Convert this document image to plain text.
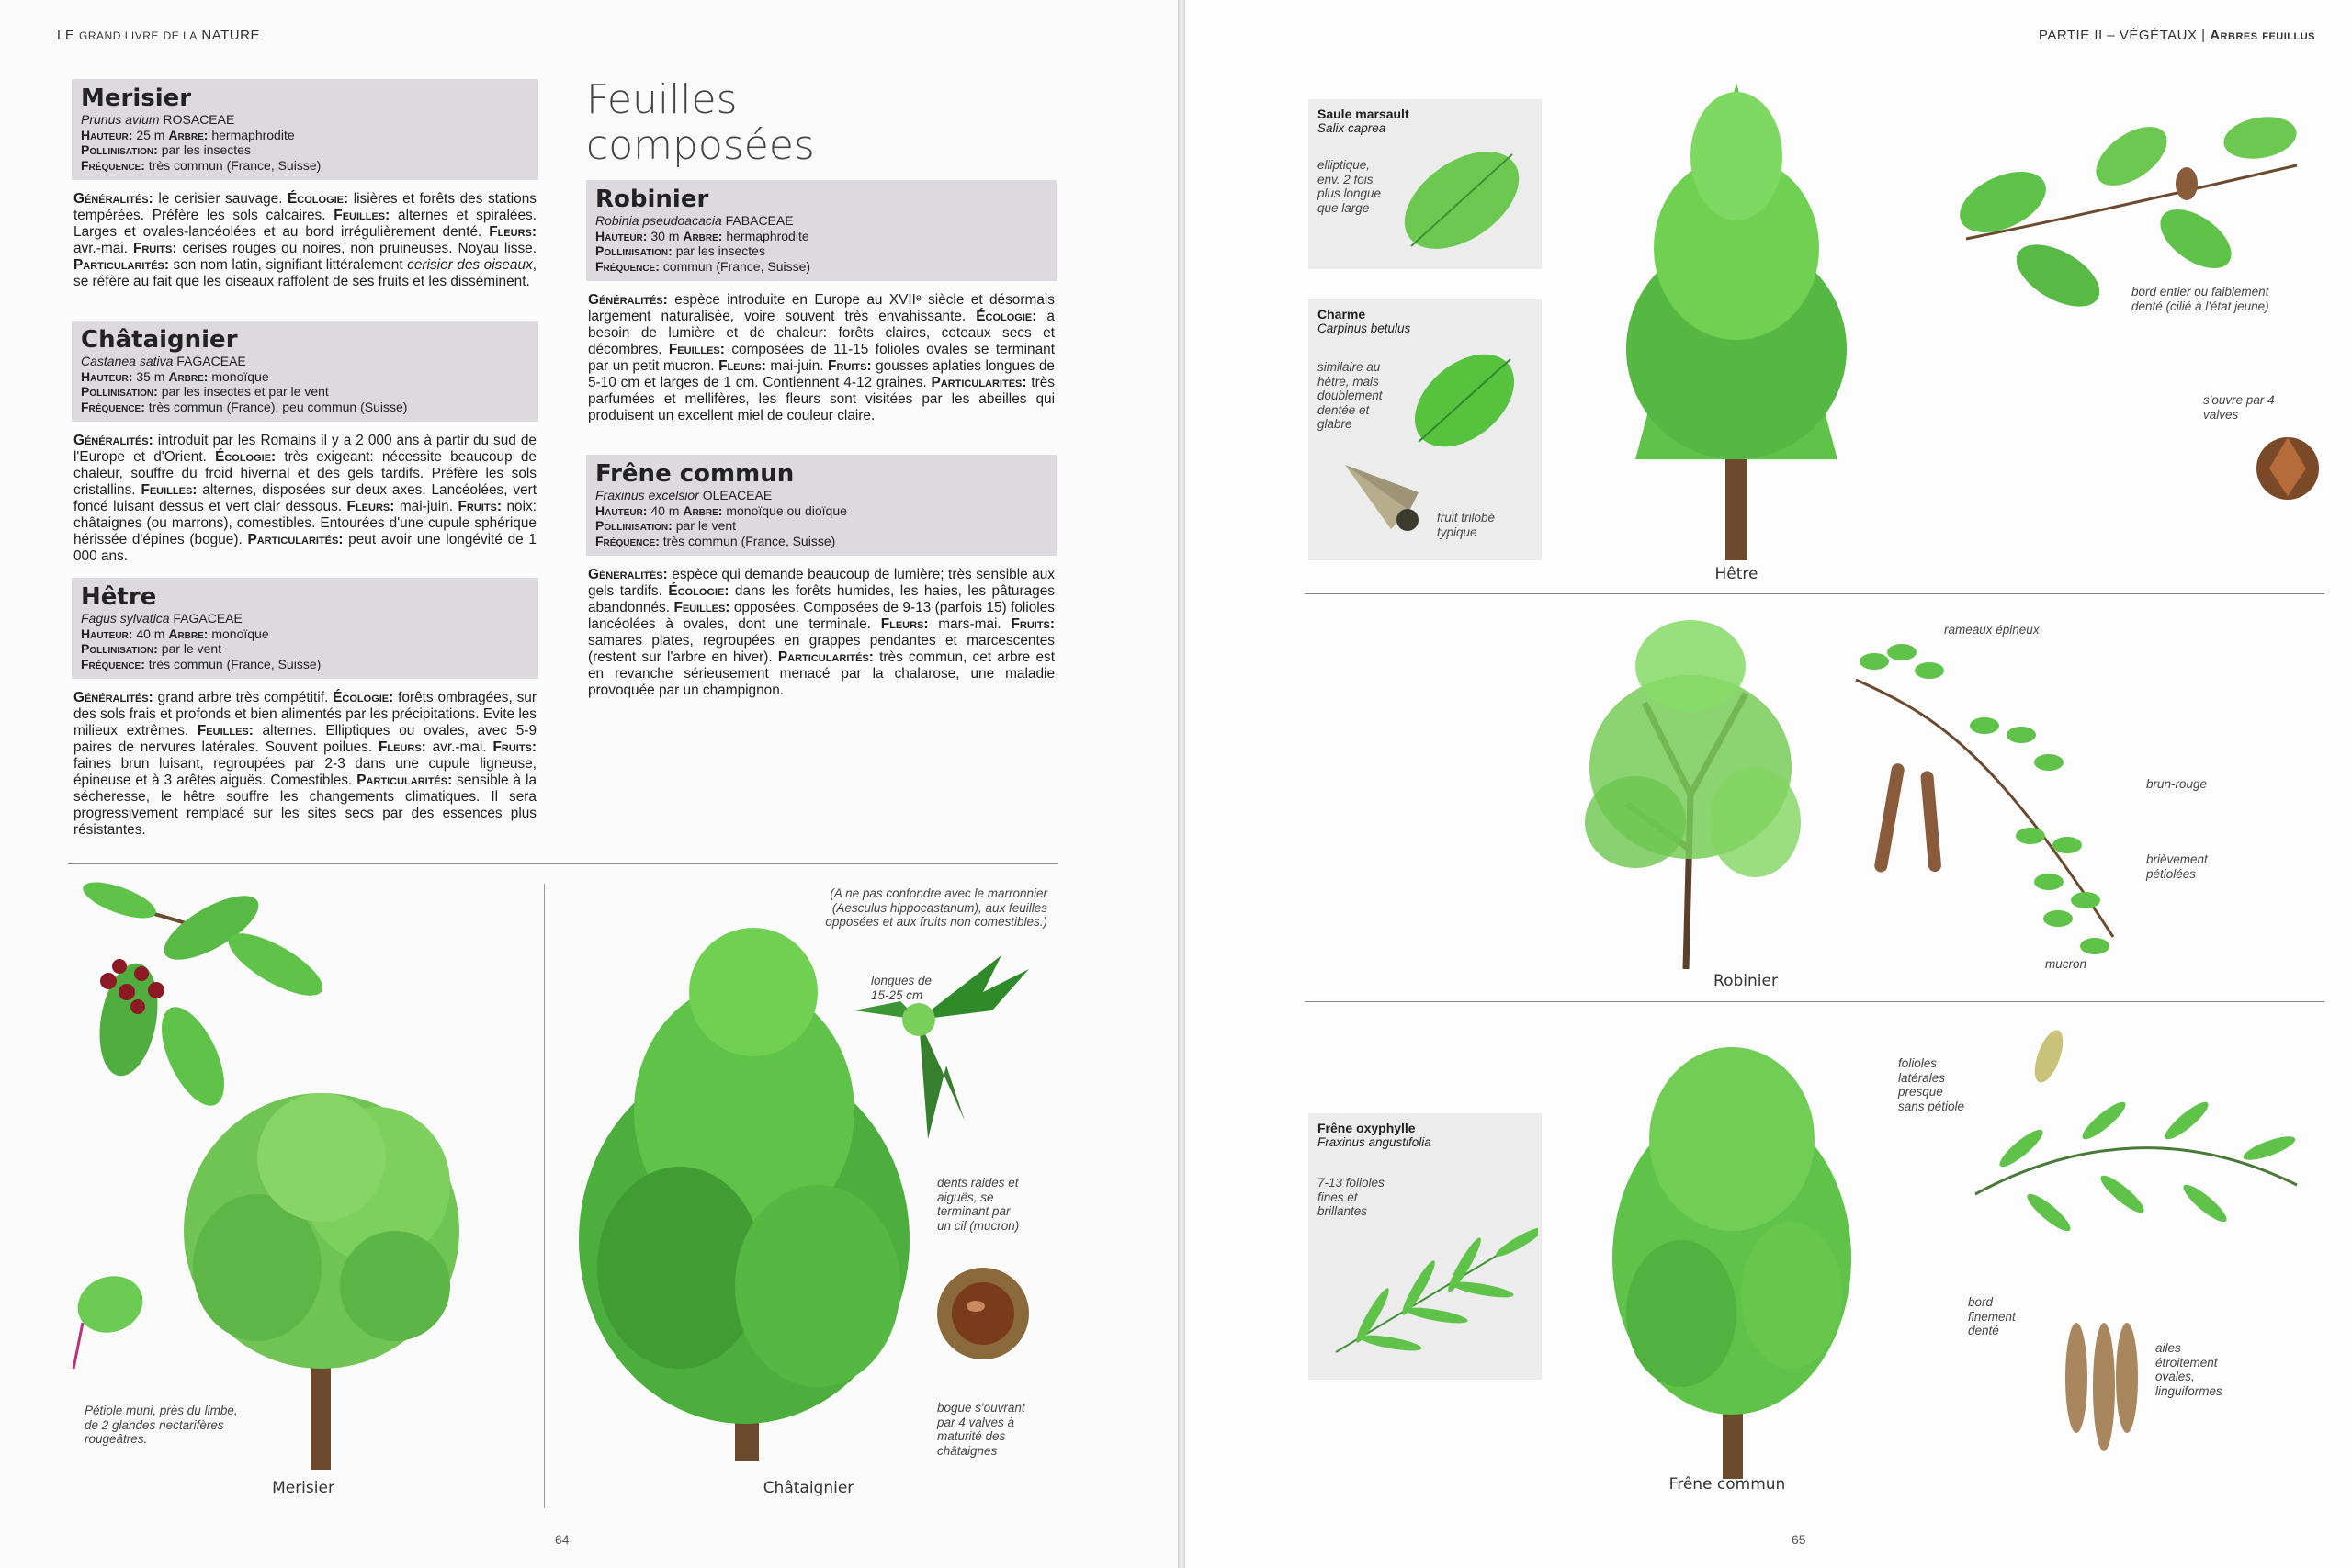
LE GRAND LIVRE DE LA NATURE
Feuilles
composées
Merisier
Prunus avium ROSACEAE
Hauteur: 25 m Arbre: hermaphrodite
Pollinisation: par les insectes
Fréquence: très commun (France, Suisse)
Généralités: le cerisier sauvage. Écologie: lisières et forêts des stations tempérées. Préfère les sols calcaires. Feuilles: alternes et spiralées. Larges et ovales-lancéolées et au bord irrégulièrement denté. Fleurs: avr.-mai. Fruits: cerises rouges ou noires, non pruineuses. Noyau lisse. Particularités: son nom latin, signifiant littéralement cerisier des oiseaux, se réfère au fait que les oiseaux raffolent de ses fruits et les disséminent.
Châtaignier
Castanea sativa FAGACEAE
Hauteur: 35 m Arbre: monoïque
Pollinisation: par les insectes et par le vent
Fréquence: très commun (France), peu commun (Suisse)
Généralités: introduit par les Romains il y a 2 000 ans à partir du sud de l'Europe et d'Orient. Écologie: très exigeant: nécessite beaucoup de chaleur, souffre du froid hivernal et des gels tardifs. Préfère les sols cristallins. Feuilles: alternes, disposées sur deux axes. Lancéolées, vert foncé luisant dessus et vert clair dessous. Fleurs: mai-juin. Fruits: noix: châtaignes (ou marrons), comestibles. Entourées d'une cupule sphérique hérissée d'épines (bogue). Particularités: peut avoir une longévité de 1 000 ans.
Hêtre
Fagus sylvatica FAGACEAE
Hauteur: 40 m Arbre: monoïque
Pollinisation: par le vent
Fréquence: très commun (France, Suisse)
Généralités: grand arbre très compétitif. Écologie: forêts ombragées, sur des sols frais et profonds et bien alimentés par les précipitations. Evite les milieux extrêmes. Feuilles: alternes. Elliptiques ou ovales, avec 5-9 paires de nervures latérales. Souvent poilues. Fleurs: avr.-mai. Fruits: faines brun luisant, regroupées par 2-3 dans une cupule ligneuse, épineuse et à 3 arêtes aiguës. Comestibles. Particularités: sensible à la sécheresse, le hêtre souffre les changements climatiques. Il sera progressivement remplacé sur les sites secs par des essences plus résistantes.
Robinier
Robinia pseudoacacia FABACEAE
Hauteur: 30 m Arbre: hermaphrodite
Pollinisation: par les insectes
Fréquence: commun (France, Suisse)
Généralités: espèce introduite en Europe au XVIIᵉ siècle et désormais largement naturalisée, voire souvent très envahissante. Écologie: a besoin de lumière et de chaleur: forêts claires, coteaux secs et décombres. Feuilles: composées de 11-15 folioles ovales se terminant par un petit mucron. Fleurs: mai-juin. Fruits: gousses aplaties longues de 5-10 cm et larges de 1 cm. Contiennent 4-12 graines. Particularités: très parfumées et mellifères, les fleurs sont visitées par les abeilles qui produisent un excellent miel de couleur claire.
Frêne commun
Fraxinus excelsior OLEACEAE
Hauteur: 40 m Arbre: monoïque ou dioïque
Pollinisation: par le vent
Fréquence: très commun (France, Suisse)
Généralités: espèce qui demande beaucoup de lumière; très sensible aux gels tardifs. Écologie: dans les forêts humides, les haies, les pâturages abandonnés. Feuilles: opposées. Composées de 9-13 (parfois 15) folioles lancéolées à ovales, dont une terminale. Fleurs: mars-mai. Fruits: samares plates, regroupées en grappes pendantes et marcescentes (restent sur l'arbre en hiver). Particularités: très commun, cet arbre est en revanche sérieusement menacé par la chalarose, une maladie provoquée par un champignon.
Pétiole muni, près du limbe, de 2 glandes nectarifères rougeâtres.
Merisier
(A ne pas confondre avec le marronnier (Aesculus hippocastanum), aux feuilles opposées et aux fruits non comestibles.)
longues de 15-25 cm
dents raides et aiguës, se terminant par un cil (mucron)
bogue s'ouvrant par 4 valves à maturité des châtaignes
Châtaignier
64
PARTIE II – VÉGÉTAUX | Arbres feuillus
Saule marsault
Salix caprea
elliptique, env. 2 fois plus longue que large
Charme
Carpinus betulus
similaire au hêtre, mais doublement dentée et glabre
fruit trilobé typique
Hêtre
bord entier ou faiblement denté (cilié à l'état jeune)
s'ouvre par 4 valves
Robinier
rameaux épineux
brun-rouge
brièvement pétiolées
mucron
Frêne oxyphylle
Fraxinus angustifolia
7-13 folioles fines et brillantes
Frêne commun
folioles latérales presque sans pétiole
bord finement denté
ailes étroitement ovales, linguiformes
65
